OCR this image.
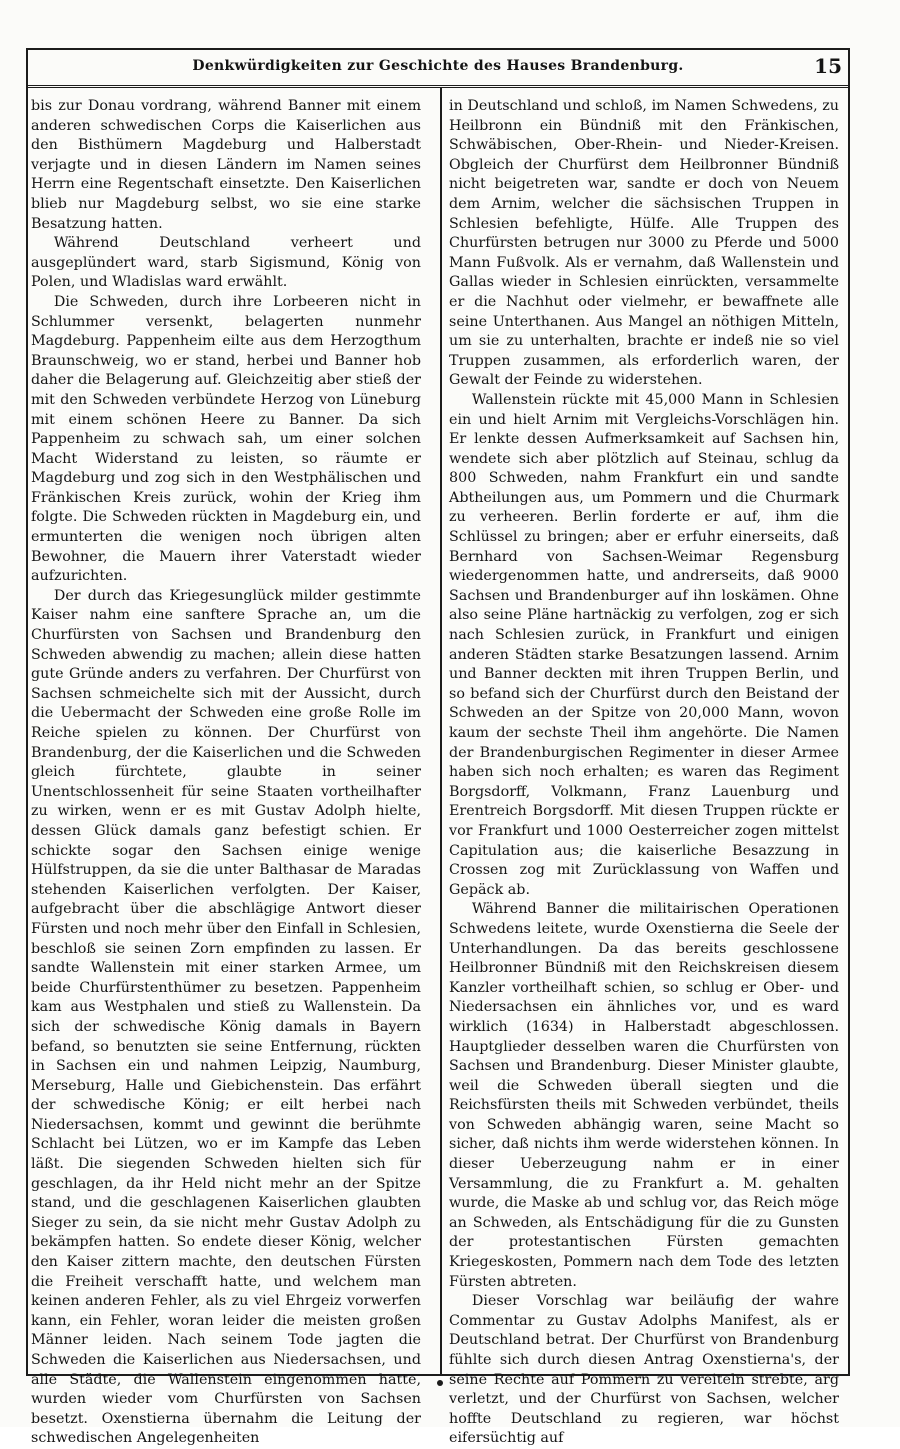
Denkwürdigkeiten zur Geschichte des Hauses Brandenburg.	15

bis zur Donau vordrang, während Banner mit einem anderen schwedischen Corps die Kaiserlichen aus den Bisthümern Magdeburg und Halberstadt verjagte und in diesen Ländern im Namen seines Herrn eine Regentschaft einsetzte. Den Kaiserlichen blieb nur Magdeburg selbst, wo sie eine starke Besatzung hatten.

Während Deutschland verheert und ausgeplündert ward, starb Sigismund, König von Polen, und Wladislas ward erwählt.

Die Schweden, durch ihre Lorbeeren nicht in Schlummer versenkt, belagerten nunmehr Magdeburg. Pappenheim eilte aus dem Herzogthum Braunschweig, wo er stand, herbei und Banner hob daher die Belagerung auf. Gleichzeitig aber stieß der mit den Schweden verbündete Herzog von Lüneburg mit einem schönen Heere zu Banner. Da sich Pappenheim zu schwach sah, um einer solchen Macht Widerstand zu leisten, so räumte er Magdeburg und zog sich in den Westphälischen und Fränkischen Kreis zurück, wohin der Krieg ihm folgte. Die Schweden rückten in Magdeburg ein, und ermunterten die wenigen noch übrigen alten Bewohner, die Mauern ihrer Vaterstadt wieder aufzurichten.

Der durch das Kriegesunglück milder gestimmte Kaiser nahm eine sanftere Sprache an, um die Churfürsten von Sachsen und Brandenburg den Schweden abwendig zu machen; allein diese hatten gute Gründe anders zu verfahren. Der Churfürst von Sachsen schmeichelte sich mit der Aussicht, durch die Uebermacht der Schweden eine große Rolle im Reiche spielen zu können. Der Churfürst von Brandenburg, der die Kaiserlichen und die Schweden gleich fürchtete, glaubte in seiner Unentschlossenheit für seine Staaten vortheilhafter zu wirken, wenn er es mit Gustav Adolph hielte, dessen Glück damals ganz befestigt schien. Er schickte sogar den Sachsen einige wenige Hülfstruppen, da sie die unter Balthasar de Maradas stehenden Kaiserlichen verfolgten. Der Kaiser, aufgebracht über die abschlägige Antwort dieser Fürsten und noch mehr über den Einfall in Schlesien, beschloß sie seinen Zorn empfinden zu lassen. Er sandte Wallenstein mit einer starken Armee, um beide Churfürstenthümer zu besetzen. Pappenheim kam aus Westphalen und stieß zu Wallenstein. Da sich der schwedische König damals in Bayern befand, so benutzten sie seine Entfernung, rückten in Sachsen ein und nahmen Leipzig, Naumburg, Merseburg, Halle und Giebichenstein. Das erfährt der schwedische König; er eilt herbei nach Niedersachsen, kommt und gewinnt die berühmte Schlacht bei Lützen, wo er im Kampfe das Leben läßt. Die siegenden Schweden hielten sich für geschlagen, da ihr Held nicht mehr an der Spitze stand, und die geschlagenen Kaiserlichen glaubten Sieger zu sein, da sie nicht mehr Gustav Adolph zu bekämpfen hatten. So endete dieser König, welcher den Kaiser zittern machte, den deutschen Fürsten die Freiheit verschafft hatte, und welchem man keinen anderen Fehler, als zu viel Ehrgeiz vorwerfen kann, ein Fehler, woran leider die meisten großen Männer leiden. Nach seinem Tode jagten die Schweden die Kaiserlichen aus Niedersachsen, und alle Städte, die Wallenstein eingenommen hatte, wurden wieder vom Churfürsten von Sachsen besetzt. Oxenstierna übernahm die Leitung der schwedischen Angelegenheiten

in Deutschland und schloß, im Namen Schwedens, zu Heilbronn ein Bündniß mit den Fränkischen, Schwäbischen, Ober-Rhein- und Nieder-Kreisen. Obgleich der Churfürst dem Heilbronner Bündniß nicht beigetreten war, sandte er doch von Neuem dem Arnim, welcher die sächsischen Truppen in Schlesien befehligte, Hülfe. Alle Truppen des Churfürsten betrugen nur 3000 zu Pferde und 5000 Mann Fußvolk. Als er vernahm, daß Wallenstein und Gallas wieder in Schlesien einrückten, versammelte er die Nachhut oder vielmehr, er bewaffnete alle seine Unterthanen. Aus Mangel an nöthigen Mitteln, um sie zu unterhalten, brachte er indeß nie so viel Truppen zusammen, als erforderlich waren, der Gewalt der Feinde zu widerstehen.

Wallenstein rückte mit 45,000 Mann in Schlesien ein und hielt Arnim mit Vergleichs-Vorschlägen hin. Er lenkte dessen Aufmerksamkeit auf Sachsen hin, wendete sich aber plötzlich auf Steinau, schlug da 800 Schweden, nahm Frankfurt ein und sandte Abtheilungen aus, um Pommern und die Churmark zu verheeren. Berlin forderte er auf, ihm die Schlüssel zu bringen; aber er erfuhr einerseits, daß Bernhard von Sachsen-Weimar Regensburg wiedergenommen hatte, und andrerseits, daß 9000 Sachsen und Brandenburger auf ihn loskämen. Ohne also seine Pläne hartnäckig zu verfolgen, zog er sich nach Schlesien zurück, in Frankfurt und einigen anderen Städten starke Besatzungen lassend. Arnim und Banner deckten mit ihren Truppen Berlin, und so befand sich der Churfürst durch den Beistand der Schweden an der Spitze von 20,000 Mann, wovon kaum der sechste Theil ihm angehörte. Die Namen der Brandenburgischen Regimenter in dieser Armee haben sich noch erhalten; es waren das Regiment Borgsdorff, Volkmann, Franz Lauenburg und Erentreich Borgsdorff. Mit diesen Truppen rückte er vor Frankfurt und 1000 Oesterreicher zogen mittelst Capitulation aus; die kaiserliche Besazzung in Crossen zog mit Zurücklassung von Waffen und Gepäck ab.

Während Banner die militairischen Operationen Schwedens leitete, wurde Oxenstierna die Seele der Unterhandlungen. Da das bereits geschlossene Heilbronner Bündniß mit den Reichskreisen diesem Kanzler vortheilhaft schien, so schlug er Ober- und Niedersachsen ein ähnliches vor, und es ward wirklich (1634) in Halberstadt abgeschlossen. Hauptglieder desselben waren die Churfürsten von Sachsen und Brandenburg. Dieser Minister glaubte, weil die Schweden überall siegten und die Reichsfürsten theils mit Schweden verbündet, theils von Schweden abhängig waren, seine Macht so sicher, daß nichts ihm werde widerstehen können. In dieser Ueberzeugung nahm er in einer Versammlung, die zu Frankfurt a. M. gehalten wurde, die Maske ab und schlug vor, das Reich möge an Schweden, als Entschädigung für die zu Gunsten der protestantischen Fürsten gemachten Kriegeskosten, Pommern nach dem Tode des letzten Fürsten abtreten.

Dieser Vorschlag war beiläufig der wahre Commentar zu Gustav Adolphs Manifest, als er Deutschland betrat. Der Churfürst von Brandenburg fühlte sich durch diesen Antrag Oxenstierna's, der seine Rechte auf Pommern zu vereiteln strebte, arg verletzt, und der Churfürst von Sachsen, welcher hoffte Deutschland zu regieren, war höchst eifersüchtig auf
